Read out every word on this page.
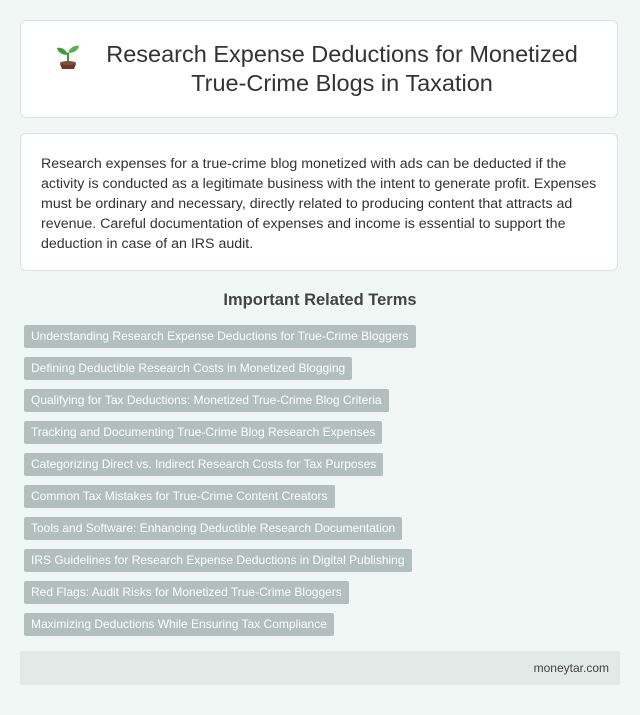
Research Expense Deductions for Monetized True-Crime Blogs in Taxation

Research expenses for a true-crime blog monetized with ads can be deducted if the activity is conducted as a legitimate business with the intent to generate profit. Expenses must be ordinary and necessary, directly related to producing content that attracts ad revenue. Careful documentation of expenses and income is essential to support the deduction in case of an IRS audit.

Important Related Terms
Understanding Research Expense Deductions for True-Crime Bloggers
Defining Deductible Research Costs in Monetized Blogging
Qualifying for Tax Deductions: Monetized True-Crime Blog Criteria
Tracking and Documenting True-Crime Blog Research Expenses
Categorizing Direct vs. Indirect Research Costs for Tax Purposes
Common Tax Mistakes for True-Crime Content Creators
Tools and Software: Enhancing Deductible Research Documentation
IRS Guidelines for Research Expense Deductions in Digital Publishing
Red Flags: Audit Risks for Monetized True-Crime Bloggers
Maximizing Deductions While Ensuring Tax Compliance
moneytar.com
